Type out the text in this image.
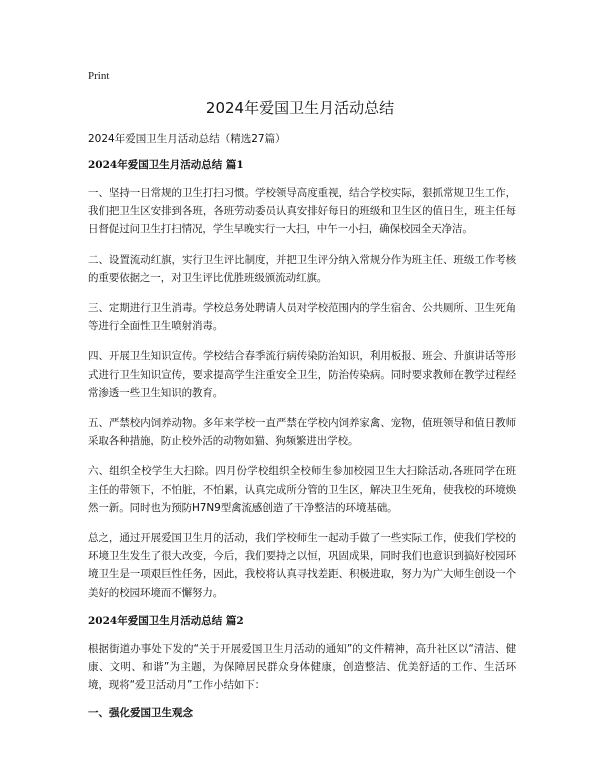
Print
2024年爱国卫生月活动总结
2024年爱国卫生月活动总结（精选27篇）
2024年爱国卫生月活动总结 篇1

一、坚持一日常规的卫生打扫习惯。学校领导高度重视，结合学校实际，狠抓常规卫生工作，我们把卫生区安排到各班，各班劳动委员认真安排好每日的班级和卫生区的值日生，班主任每日督促过问卫生打扫情况，学生早晚实行一大扫，中午一小扫，确保校园全天净洁。

二、设置流动红旗，实行卫生评比制度，并把卫生评分纳入常规分作为班主任、班级工作考核的重要依据之一，对卫生评比优胜班级颁流动红旗。

三、定期进行卫生消毒。学校总务处聘请人员对学校范围内的学生宿舍、公共厕所、卫生死角等进行全面性卫生喷射消毒。

四、开展卫生知识宣传。学校结合春季流行病传染防治知识，利用板报、班会、升旗讲话等形式进行卫生知识宣传，要求提高学生注重安全卫生，防治传染病。同时要求教师在教学过程经常渗透一些卫生知识的教育。

五、严禁校内饲养动物。多年来学校一直严禁在学校内饲养家禽、宠物，值班领导和值日教师采取各种措施，防止校外活的动物如猫、狗频繁进出学校。

六、组织全校学生大扫除。四月份学校组织全校师生参加校园卫生大扫除活动,各班同学在班主任的带领下，不怕脏，不怕累，认真完成所分管的卫生区，解决卫生死角，使我校的环境焕然一新。同时也为预防H7N9型禽流感创造了干净整洁的环境基础。

总之，通过开展爱国卫生月的活动，我们学校师生一起动手做了一些实际工作，使我们学校的环境卫生发生了很大改变，今后，我们要持之以恒，巩固成果，同时我们也意识到搞好校园环境卫生是一项艰巨性任务，因此，我校将认真寻找差距、积极进取，努力为广大师生创设一个美好的校园环境而不懈努力。

2024年爱国卫生月活动总结 篇2

根据街道办事处下发的“关于开展爱国卫生月活动的通知”的文件精神，高升社区以“清洁、健康、文明、和谐”为主题，为保障居民群众身体健康，创造整洁、优美舒适的工作、生活环境，现将“爱卫活动月”工作小结如下：

一、强化爱国卫生观念
